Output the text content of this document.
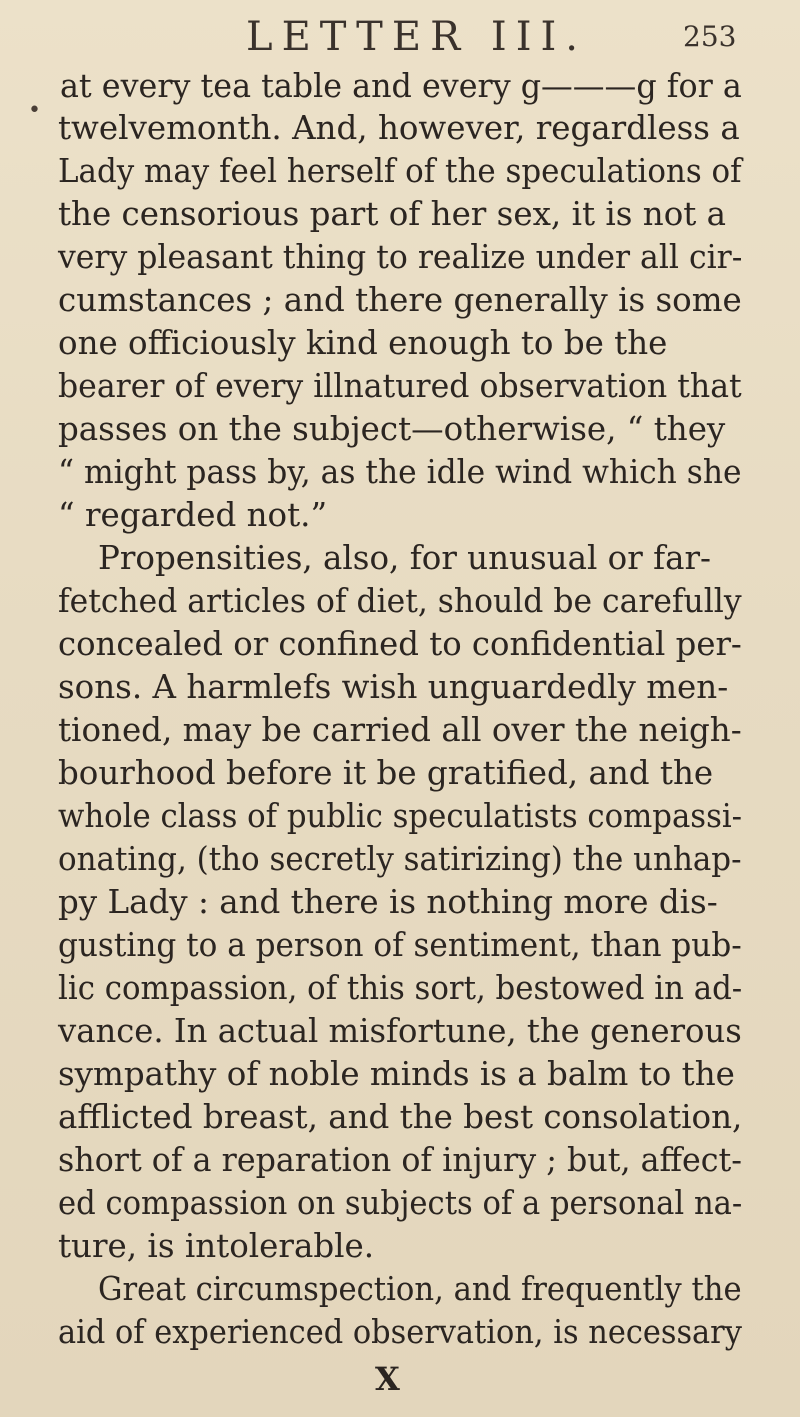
LETTER III.	253
•
at every tea table and every g———g for a
twelvemonth. And, however, regardless a
Lady may feel herself of the speculations of
the censorious part of her sex, it is not a
very pleasant thing to realize under all cir-
cumstances ; and there generally is some
one officiously kind enough to be the
bearer of every illnatured observation that
passes on the subject—otherwise, “ they
“ might pass by, as the idle wind which she
“ regarded not.”
Propensities, also, for unusual or far-
fetched articles of diet, should be carefully
concealed or confined to confidential per-
sons. A harmlefs wish unguardedly men-
tioned, may be carried all over the neigh-
bourhood before it be gratified, and the
whole class of public speculatists compassi-
onating, (tho secretly satirizing) the unhap-
py Lady : and there is nothing more dis-
gusting to a person of sentiment, than pub-
lic compassion, of this sort, bestowed in ad-
vance. In actual misfortune, the generous
sympathy of noble minds is a balm to the
afflicted breast, and the best consolation,
short of a reparation of injury ; but, affect-
ed compassion on subjects of a personal na-
ture, is intolerable.
Great circumspection, and frequently the
aid of experienced observation, is necessary
X
